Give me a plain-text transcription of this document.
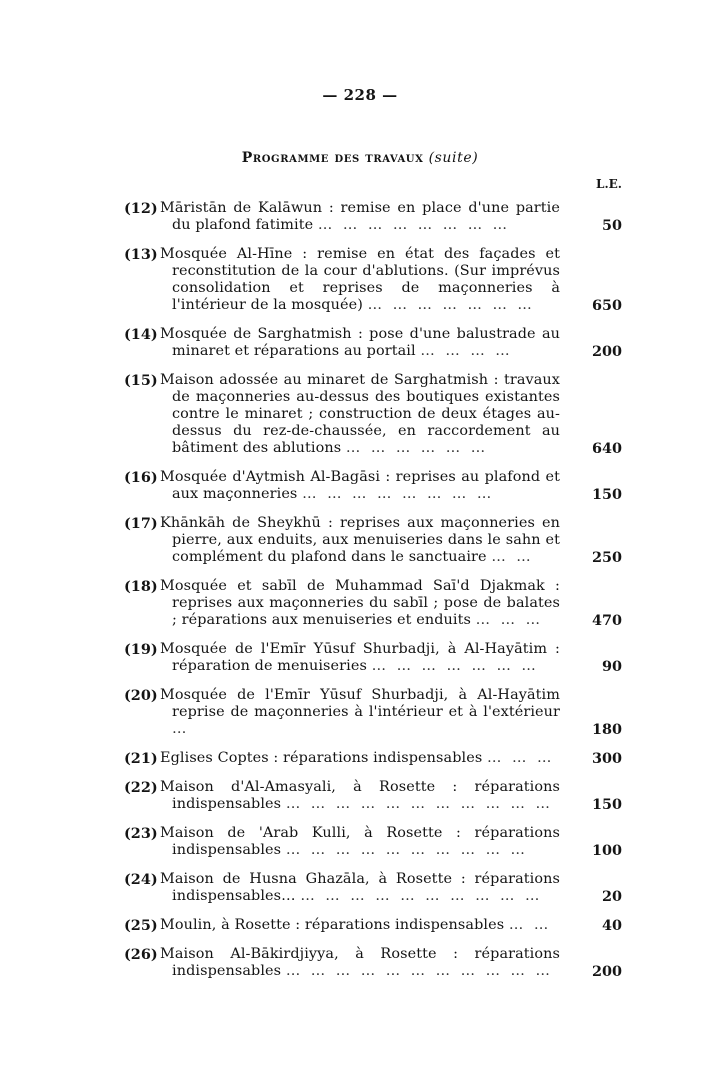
— 228 —
Programme des travaux (suite)
L.E.
(12) Māristān de Kalāwun : remise en place d'une partie du plafond fatimite … … … … … … … …	50
(13) Mosquée Al-Hīne : remise en état des façades et reconstitution de la cour d'ablutions. (Sur imprévus consolidation et reprises de maçonneries à l'intérieur de la mosquée) … … … … … … …	650
(14) Mosquée de Sarghatmish : pose d'une balustrade au minaret et réparations au portail … … … …	200
(15) Maison adossée au minaret de Sarghatmish : travaux de maçonneries au-dessus des boutiques existantes contre le minaret ; construction de deux étages au-dessus du rez-de-chaussée, en raccordement au bâtiment des ablutions … … … … … …	640
(16) Mosquée d'Aytmish Al-Bagāsi : reprises au plafond et aux maçonneries … … … … … … … …	150
(17) Khānkāh de Sheykhū : reprises aux maçonneries en pierre, aux enduits, aux menuiseries dans le sahn et complément du plafond dans le sanctuaire … …	250
(18) Mosquée et sabīl de Muhammad Saī'd Djakmak : reprises aux maçonneries du sabīl ; pose de balates ; réparations aux menuiseries et enduits … … …	470
(19) Mosquée de l'Emīr Yūsuf Shurbadji, à Al-Hayātim : réparation de menuiseries … … … … … … …	90
(20) Mosquée de l'Emīr Yūsuf Shurbadji, à Al-Hayātim reprise de maçonneries à l'intérieur et à l'extérieur …	180
(21) Eglises Coptes : réparations indispensables … … …	300
(22) Maison d'Al-Amasyali, à Rosette : réparations indispensables … … … … … … … … … … …	150
(23) Maison de 'Arab Kulli, à Rosette : réparations indispensables … … … … … … … … … …	100
(24) Maison de Husna Ghazāla, à Rosette : réparations indispensables… … … … … … … … … … …	20
(25) Moulin, à Rosette : réparations indispensables … …	40
(26) Maison Al-Bākirdjiyya, à Rosette : réparations indispensables … … … … … … … … … … …	200
